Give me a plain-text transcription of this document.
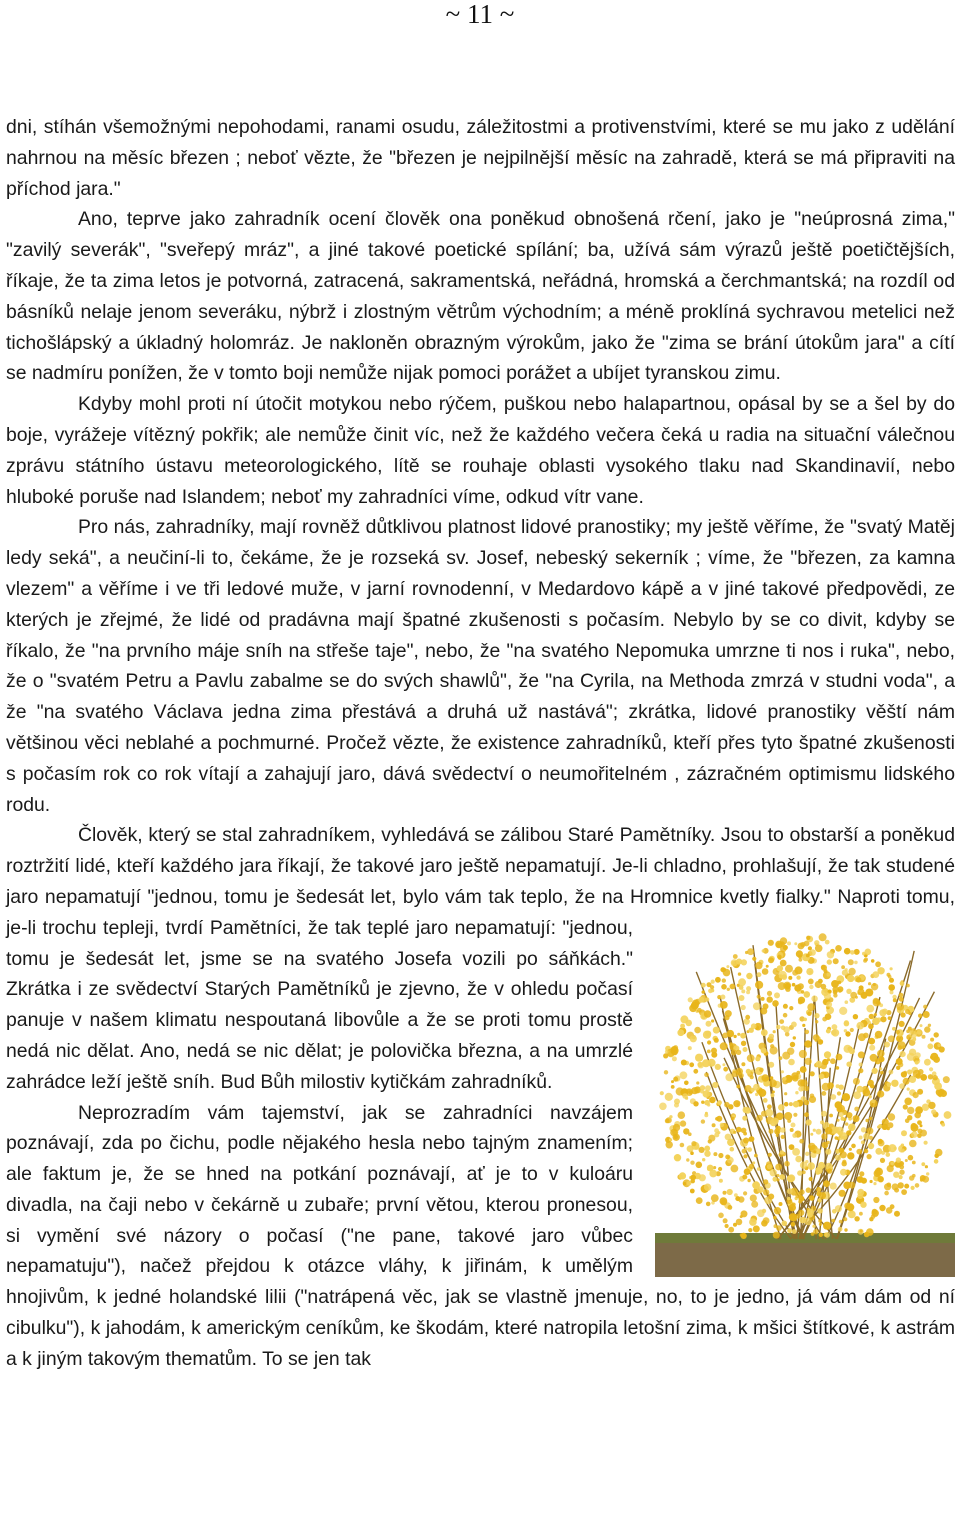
~ 11 ~

dni, stíhán všemožnými nepohodami, ranami osudu, záležitostmi a protivenstvími, které se mu jako z udělání nahrnou na měsíc březen ; neboť vězte, že "březen je nejpilnější měsíc na zahradě, která se má připraviti na příchod jara."

Ano, teprve jako zahradník ocení člověk ona poněkud obnošená rčení, jako je "neúprosná zima," "zavilý severák", "sveřepý mráz", a jiné takové poetické spílání; ba, užívá sám výrazů ještě poetičtějších, říkaje, že ta zima letos je potvorná, zatracená, sakramentská, neřádná, hromská a čerchmantská; na rozdíl od básníků nelaje jenom severáku, nýbrž i zlostným větrům východním; a méně proklíná sychravou metelici než tichošlápský a úkladný holomráz. Je nakloněn obrazným výrokům, jako že "zima se brání útokům jara" a cítí se nadmíru ponížen, že v tomto boji nemůže nijak pomoci porážet a ubíjet tyranskou zimu.

Kdyby mohl proti ní útočit motykou nebo rýčem, puškou nebo halapartnou, opásal by se a šel by do boje, vyrážeje vítězný pokřik; ale nemůže činit víc, než že každého večera čeká u radia na situační válečnou zprávu státního ústavu meteorologického, lítě se rouhaje oblasti vysokého tlaku nad Skandinavií, nebo hluboké poruše nad Islandem; neboť my zahradníci víme, odkud vítr vane.

Pro nás, zahradníky, mají rovněž důtklivou platnost lidové pranostiky; my ještě věříme, že "svatý Matěj ledy seká", a neučiní-li to, čekáme, že je rozseká sv. Josef, nebeský sekerník ; víme, že "březen, za kamna vlezem" a věříme i ve tři ledové muže, v jarní rovnodenní, v Medardovo kápě a v jiné takové předpovědi, ze kterých je zřejmé, že lidé od pradávna mají špatné zkušenosti s počasím. Nebylo by se co divit, kdyby se říkalo, že "na prvního máje sníh na střeše taje", nebo, že "na svatého Nepomuka umrzne ti nos i ruka", nebo, že o "svatém Petru a Pavlu zabalme se do svých shawlů", že "na Cyrila, na Methoda zmrzá v studni voda", a že "na svatého Václava jedna zima přestává a druhá už nastává"; zkrátka, lidové pranostiky věští nám většinou věci neblahé a pochmurné. Pročež vězte, že existence zahradníků, kteří přes tyto špatné zkušenosti s počasím rok co rok vítají a zahajují jaro, dává svědectví o neumořitelném , zázračném optimismu lidského rodu.

Člověk, který se stal zahradníkem, vyhledává se zálibou Staré Pamětníky. Jsou to obstarší a poněkud roztržití lidé, kteří každého jara říkají, že takové jaro ještě nepamatují. Je-li chladno, prohlašují, že tak studené jaro nepamatují "jednou, tomu je šedesát let, bylo vám tak teplo, že na Hromnice kvetly fialky."
Naproti tomu, je-li trochu tepleji, tvrdí Pamětníci, že tak teplé jaro nepamatují: "jednou, tomu je šedesát let, jsme se na svatého Josefa vozili po sáňkách." Zkrátka i ze svědectví Starých Pamětníků je zjevno, že v ohledu počasí panuje v našem klimatu nespoutaná libovůle a že se proti tomu prostě nedá nic dělat. Ano, nedá se nic dělat; je polovička března, a na umrzlé zahrádce leží ještě sníh. Bud Bůh milostiv kytičkám zahradníků.

Neprozradím vám tajemství, jak se zahradníci navzájem poznávají, zda po čichu, podle nějakého hesla nebo tajným znamením; ale faktum je, že se hned na potkání poznávají, ať je to v kuloáru divadla, na čaji nebo v čekárně u zubaře; první větou, kterou pronesou, si vymění své názory o počasí ("ne pane, takové jaro vůbec nepamatuju"), načež přejdou k otázce vláhy, k jiřinám, k umělým hnojivům, k jedné holandské lilii ("natrápená věc, jak se vlastně jmenuje, no, to je jedno, já vám dám od ní cibulku"), k jahodám, k americkým ceníkům, ke škodám, které natropila letošní zima, k mšici štítkové, k astrám a k jiným takovým thematům. To se jen tak
